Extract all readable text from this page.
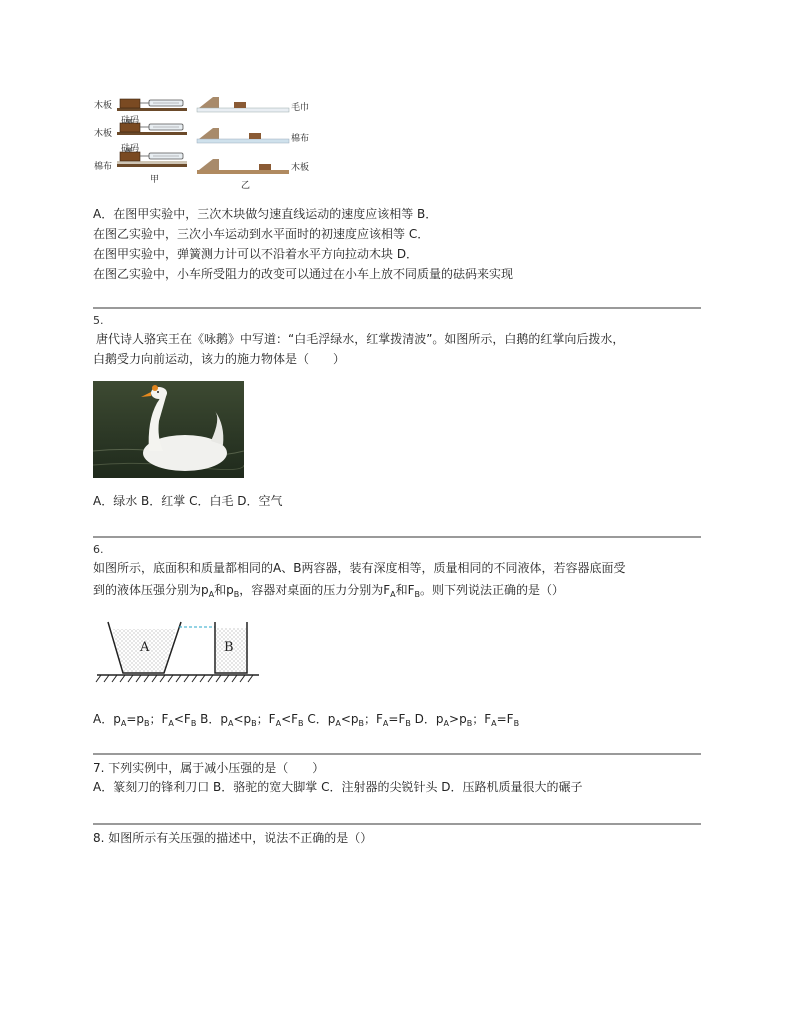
木板
砝码
木板
砝码
棉布
甲
毛巾
棉布
木板
乙
A．在图甲实验中，三次木块做匀速直线运动的速度应该相等 B．
在图乙实验中，三次小车运动到水平面时的初速度应该相等 C．
在图甲实验中，弹簧测力计可以不沿着水平方向拉动木块 D．
在图乙实验中，小车所受阻力的改变可以通过在小车上放不同质量的砝码来实现
5.
唐代诗人骆宾王在《咏鹅》中写道：“白毛浮绿水，红掌拨清波”。如图所示，白鹅的红掌向后拨水，
白鹅受力向前运动，该力的施力物体是（　　）
A．绿水 B．红掌 C．白毛 D．空气
6.
如图所示，底面积和质量都相同的A、B两容器，装有深度相等，质量相同的不同液体，若容器底面受
到的液体压强分别为$p_A$和$p_B$，容器对桌面的压力分别为$F_A$和$F_B$。则下列说法正确的是（）
A	B
A．$p_A=p_B$；$F_A<F_B$ B．$p_A<p_B$；$F_A<F_B$ C．$p_A<p_B$；$F_A=F_B$ D．$p_A>p_B$；$F_A=F_B$
7. 下列实例中，属于减小压强的是（　　）
A．篆刻刀的锋利刀口 B．骆驼的宽大脚掌 C．注射器的尖锐针头 D．压路机质量很大的碾子
8. 如图所示有关压强的描述中，说法不正确的是（）
